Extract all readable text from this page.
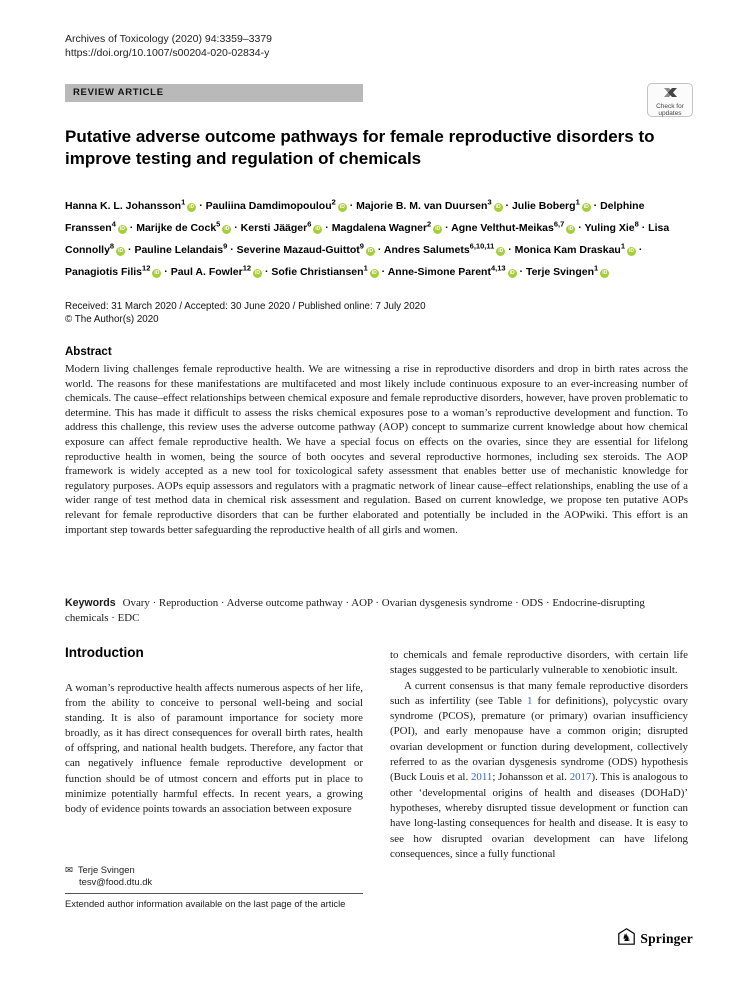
Archives of Toxicology (2020) 94:3359–3379
https://doi.org/10.1007/s00204-020-02834-y
REVIEW ARTICLE
Check for updates
Putative adverse outcome pathways for female reproductive disorders to improve testing and regulation of chemicals
Hanna K. L. Johansson$^1$iD · Pauliina Damdimopoulou$^2$iD · Majorie B. M. van Duursen$^3$iD · Julie Boberg$^1$iD · Delphine Franssen$^4$iD · Marijke de Cock$^5$iD · Kersti Jääger$^6$iD · Magdalena Wagner$^2$iD · Agne Velthut-Meikas$^{6,7}$iD · Yuling Xie$^8$ · Lisa Connolly$^8$iD · Pauline Lelandais$^9$ · Severine Mazaud-Guittot$^9$iD · Andres Salumets$^{6,10,11}$iD · Monica Kam Draskau$^1$iD · Panagiotis Filis$^{12}$iD · Paul A. Fowler$^{12}$iD · Sofie Christiansen$^1$iD · Anne-Simone Parent$^{4,13}$iD · Terje Svingen$^1$iD
Received: 31 March 2020 / Accepted: 30 June 2020 / Published online: 7 July 2020
© The Author(s) 2020
Abstract
Modern living challenges female reproductive health. We are witnessing a rise in reproductive disorders and drop in birth rates across the world. The reasons for these manifestations are multifaceted and most likely include continuous exposure to an ever-increasing number of chemicals. The cause–effect relationships between chemical exposure and female reproductive disorders, however, have proven problematic to determine. This has made it difficult to assess the risks chemical exposures pose to a woman’s reproductive development and function. To address this challenge, this review uses the adverse outcome pathway (AOP) concept to summarize current knowledge about how chemical exposure can affect female reproductive health. We have a special focus on effects on the ovaries, since they are essential for lifelong reproductive health in women, being the source of both oocytes and several reproductive hormones, including sex steroids. The AOP framework is widely accepted as a new tool for toxicological safety assessment that enables better use of mechanistic knowledge for regulatory purposes. AOPs equip assessors and regulators with a pragmatic network of linear cause–effect relationships, enabling the use of a wider range of test method data in chemical risk assessment and regulation. Based on current knowledge, we propose ten putative AOPs relevant for female reproductive disorders that can be further elaborated and potentially be included in the AOPwiki. This effort is an important step towards better safeguarding the reproductive health of all girls and women.
Keywords Ovary · Reproduction · Adverse outcome pathway · AOP · Ovarian dysgenesis syndrome · ODS · Endocrine-disrupting chemicals · EDC
Introduction
A woman’s reproductive health affects numerous aspects of her life, from the ability to conceive to personal well-being and social standing. It is also of paramount importance for society more broadly, as it has direct consequences for overall birth rates, health of offspring, and national health budgets. Therefore, any factor that can negatively influence female reproductive development or function should be of utmost concern and efforts put in place to minimize potentially harmful effects. In recent years, a growing body of evidence points towards an association between exposure

to chemicals and female reproductive disorders, with certain life stages suggested to be particularly vulnerable to xenobiotic insult.

A current consensus is that many female reproductive disorders such as infertility (see Table 1 for definitions), polycystic ovary syndrome (PCOS), premature (or primary) ovarian insufficiency (POI), and early menopause have a common origin; disrupted ovarian development or function during development, collectively referred to as the ovarian dysgenesis syndrome (ODS) hypothesis (Buck Louis et al. 2011; Johansson et al. 2017). This is analogous to other ‘developmental origins of health and diseases (DOHaD)’ hypotheses, whereby disrupted tissue development or function can have long-lasting consequences for health and disease. It is easy to see how disrupted ovarian development can have lifelong consequences, since a fully functional

✉ Terje Svingen
tesv@food.dtu.dk
Extended author information available on the last page of the article
♞ Springer
